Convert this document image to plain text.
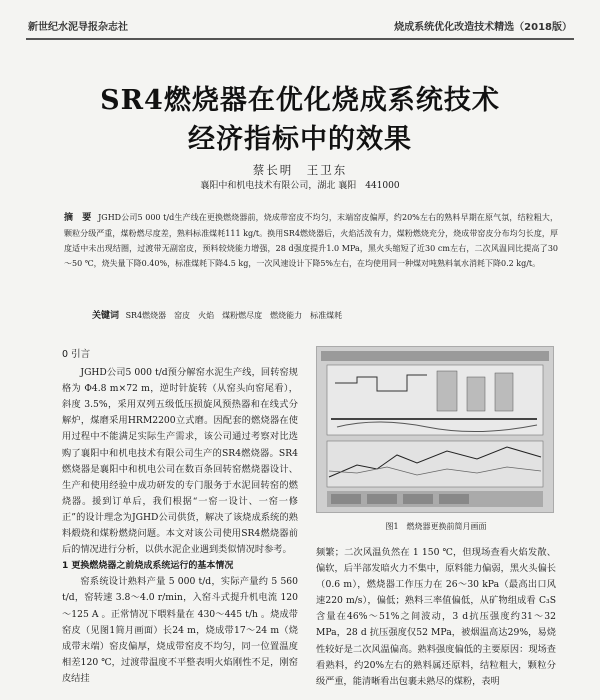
新世纪水泥导报杂志社	烧成系统优化改造技术精选（2018版）
SR4燃烧器在优化烧成系统技术
经济指标中的效果
蔡长明　王卫东
襄阳中和机电技术有限公司，湖北 襄阳　441000
摘　要 JGHD公司5 000 t/d生产线在更换燃烧器前，烧成带窑皮不均匀，末端窑皮偏厚，约20%左右的熟料早期在原气氛，结粒粗大，颗粒分级严重，煤粉燃尽度差，熟料标准煤耗111 kg/t。换用SR4燃烧器后，火焰活泼有力，煤粉燃烧充分，烧成带窑皮分布均匀长度，厚度适中未出现结圈，过渡带无副窑皮，预料较烧能力增强，28 d强度提升1.0 MPa，黑火头缩短了近30 cm左右，二次风温同比提高了30～50 ℃，烧失量下降0.40%，标准煤耗下降4.5 kg，一次风速设计下降5%左右，在均使用同一种煤对吨熟料氧水消耗下降0.2 kg/t。
关键词 SR4燃烧器　窑皮　火焰　煤粉燃尽度　燃烧能力　标准煤耗
0 引言

JGHD公司5 000 t/d预分解窑水泥生产线，回转窑规格为 Φ4.8 m×72 m，逆时针旋转（从窑头向窑尾看），斜度 3.5%，采用双列五级低压损旋风预热器和在线式分解炉，煤磨采用HRM2200立式磨。因配套的燃烧器在使用过程中不能满足实际生产需求，该公司通过考察对比选购了襄阳中和机电技术有限公司生产的SR4燃烧器。SR4燃烧器是襄阳中和机电公司在数百条回转窑燃烧器设计、生产和使用经验中成功研发的专门服务于水泥回转窑的燃烧器。援到订单后，我们根据“一窑一设计、一窑一修正”的设计理念为JGHD公司供货，解决了该烧成系统的熟料煅烧和煤粉燃烧问题。本文对该公司使用SR4燃烧器前后的情况进行分析，以供水泥企业遇到类似情况时参考。

1 更换燃烧器之前烧成系统运行的基本情况

窑系统设计熟料产量 5 000 t/d，实际产量约 5 560 t/d，窑转速 3.8～4.0 r/min，入窑斗式提升机电流 120～125 A 。正常情况下喂料量在 430～445 t/h 。烧成带窑皮（见图1简月画面）长24 m，烧成带17～24 m（烧成带末端）窑皮偏厚，烧成带窑皮不均匀，同一位置温度相差120 ℃，过渡带温度不平整表明火焰刚性不足，刚窑皮结挂

图1　燃烧器更换前简月画面

频繁；二次风温负然在 1 150 ℃，但现场查看火焰发散、偏软，后半部发暗火力不集中，原料能力偏弱，黑火头偏长（0.6 m），燃烧器工作压力在 26～30 kPa（最高出口风速220 m/s），偏低；熟料三率值偏低，从矿物组成看 C₃S 含量在46%～51%之间波动，3 d抗压强度约31～32 MPa，28 d 抗压强度仅52 MPa，被烟温高达29%，易烧性较好是二次风温偏高。熟料强度偏低的主要原因：现场查看熟料，约20%左右的熟料属还原料，结粒粗大，颗粒分级严重，能清晰看出包裹未熟尽的煤粉，表明
